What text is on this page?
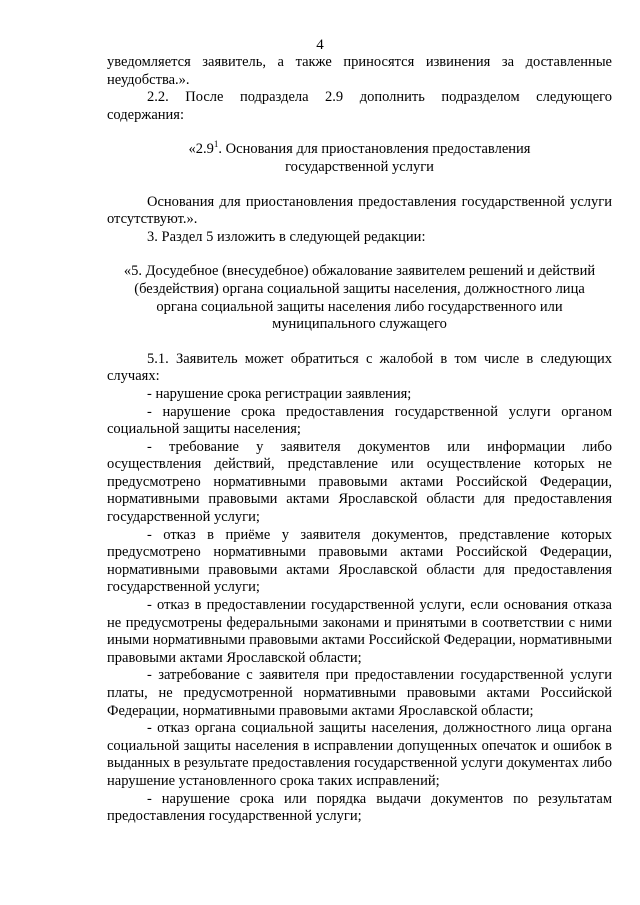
4

уведомляется заявитель, а также приносятся извинения за доставленные неудобства.».

2.2. После подраздела 2.9 дополнить подразделом следующего содержания:

«$2.9^1$. Основания для приостановления предоставления государственной услуги

Основания для приостановления предоставления государственной услуги отсутствуют.».

3. Раздел 5 изложить в следующей редакции:

«5. Досудебное (внесудебное) обжалование заявителем решений и действий (бездействия) органа социальной защиты населения, должностного лица

органа социальной защиты населения либо государственного или муниципального служащего

5.1. Заявитель может обратиться с жалобой в том числе в следующих случаях:

- нарушение срока регистрации заявления;

- нарушение срока предоставления государственной услуги органом социальной защиты населения;

- требование у заявителя документов или информации либо осуществления действий, представление или осуществление которых не предусмотрено нормативными правовыми актами Российской Федерации, нормативными правовыми актами Ярославской области для предоставления государственной услуги;

- отказ в приёме у заявителя документов, представление которых предусмотрено нормативными правовыми актами Российской Федерации, нормативными правовыми актами Ярославской области для предоставления государственной услуги;

- отказ в предоставлении государственной услуги, если основания отказа не предусмотрены федеральными законами и принятыми в соответствии с ними иными нормативными правовыми актами Российской Федерации, нормативными правовыми актами Ярославской области;

- затребование с заявителя при предоставлении государственной услуги платы, не предусмотренной нормативными правовыми актами Российской Федерации, нормативными правовыми актами Ярославской области;

- отказ органа социальной защиты населения, должностного лица органа социальной защиты населения в исправлении допущенных опечаток и ошибок в выданных в результате предоставления государственной услуги документах либо нарушение установленного срока таких исправлений;

- нарушение срока или порядка выдачи документов по результатам предоставления государственной услуги;
